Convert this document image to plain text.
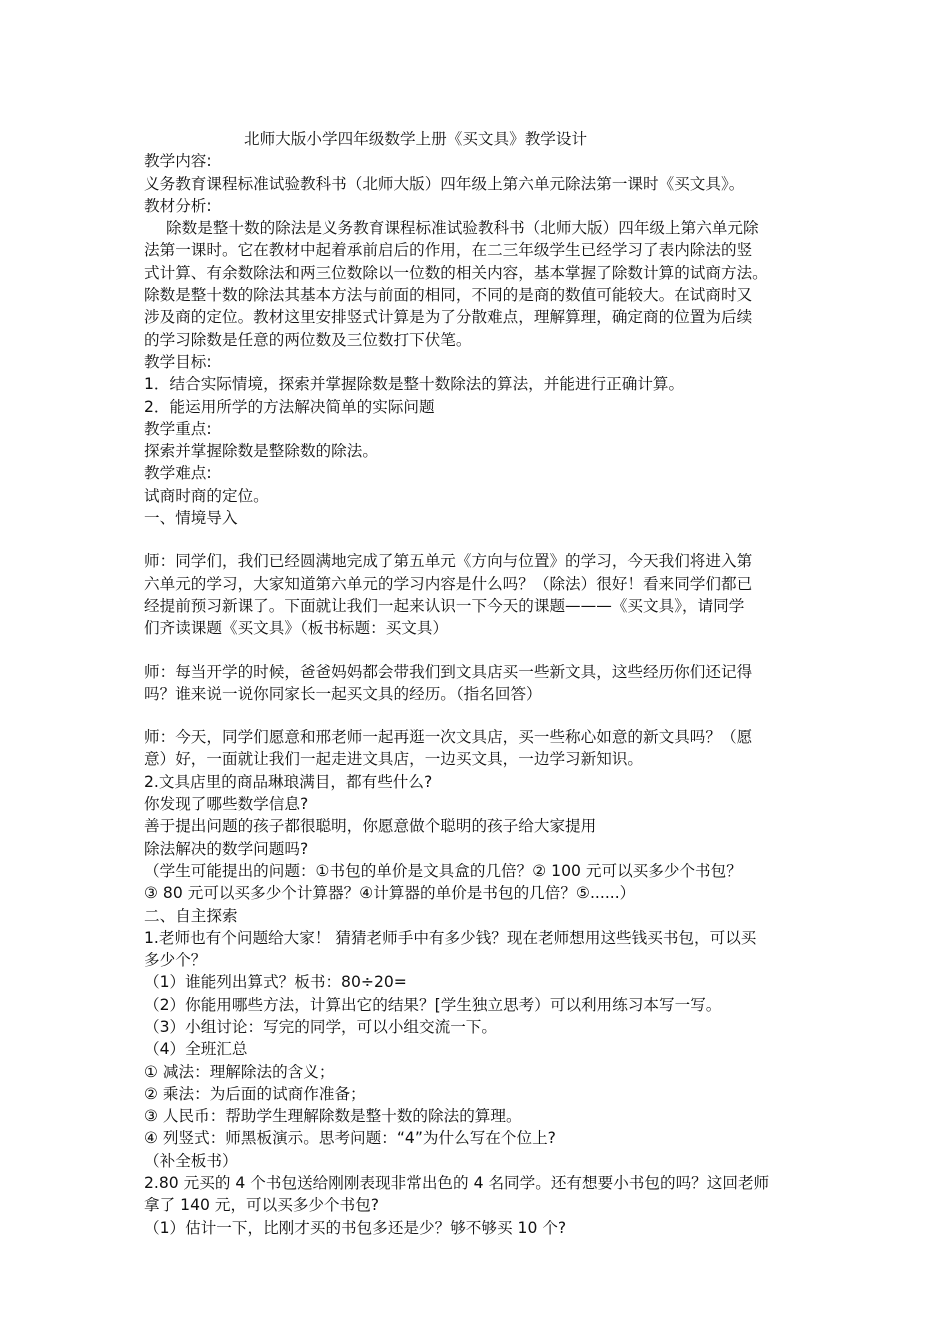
北师大版小学四年级数学上册《买文具》教学设计
教学内容:
义务教育课程标准试验教科书（北师大版）四年级上第六单元除法第一课时《买文具》。
教材分析:
除数是整十数的除法是义务教育课程标准试验教科书（北师大版）四年级上第六单元除
法第一课时。它在教材中起着承前启后的作用，在二三年级学生已经学习了表内除法的竖
式计算、有余数除法和两三位数除以一位数的相关内容，基本掌握了除数计算的试商方法。
除数是整十数的除法其基本方法与前面的相同，不同的是商的数值可能较大。在试商时又
涉及商的定位。教材这里安排竖式计算是为了分散难点，理解算理，确定商的位置为后续
的学习除数是任意的两位数及三位数打下伏笔。
教学目标:
1．结合实际情境，探索并掌握除数是整十数除法的算法，并能进行正确计算。
2．能运用所学的方法解决简单的实际问题
教学重点:
探索并掌握除数是整除数的除法。
教学难点:
试商时商的定位。
一、情境导入
师：同学们，我们已经圆满地完成了第五单元《方向与位置》的学习，今天我们将进入第
六单元的学习，大家知道第六单元的学习内容是什么吗？（除法）很好！看来同学们都已
经提前预习新课了。下面就让我们一起来认识一下今天的课题———《买文具》，请同学
们齐读课题《买文具》（板书标题：买文具）
师：每当开学的时候，爸爸妈妈都会带我们到文具店买一些新文具，这些经历你们还记得
吗？谁来说一说你同家长一起买文具的经历。（指名回答）
师：今天，同学们愿意和邢老师一起再逛一次文具店，买一些称心如意的新文具吗？（愿
意）好，一面就让我们一起走进文具店，一边买文具，一边学习新知识。
2.文具店里的商品琳琅满目，都有些什么?
你发现了哪些数学信息?
善于提出问题的孩子都很聪明，你愿意做个聪明的孩子给大家提用
除法解决的数学问题吗?
（学生可能提出的问题：①书包的单价是文具盒的几倍？② 100 元可以买多少个书包？
③ 80 元可以买多少个计算器？④计算器的单价是书包的几倍？⑤......）
二、自主探索
1.老师也有个问题给大家！ 猜猜老师手中有多少钱？现在老师想用这些钱买书包，可以买
多少个？
（1）谁能列出算式？板书：80÷20=
（2）你能用哪些方法，计算出它的结果？[学生独立思考）可以利用练习本写一写。
（3）小组讨论：写完的同学，可以小组交流一下。
（4）全班汇总
① 减法：理解除法的含义；
② 乘法：为后面的试商作准备；
③ 人民币：帮助学生理解除数是整十数的除法的算理。
④ 列竖式：师黑板演示。思考问题：“4”为什么写在个位上?
（补全板书）
2.80 元买的 4 个书包送给刚刚表现非常出色的 4 名同学。还有想要小书包的吗？这回老师
拿了 140 元，可以买多少个书包?
（1）估计一下，比刚才买的书包多还是少？够不够买 10 个?
